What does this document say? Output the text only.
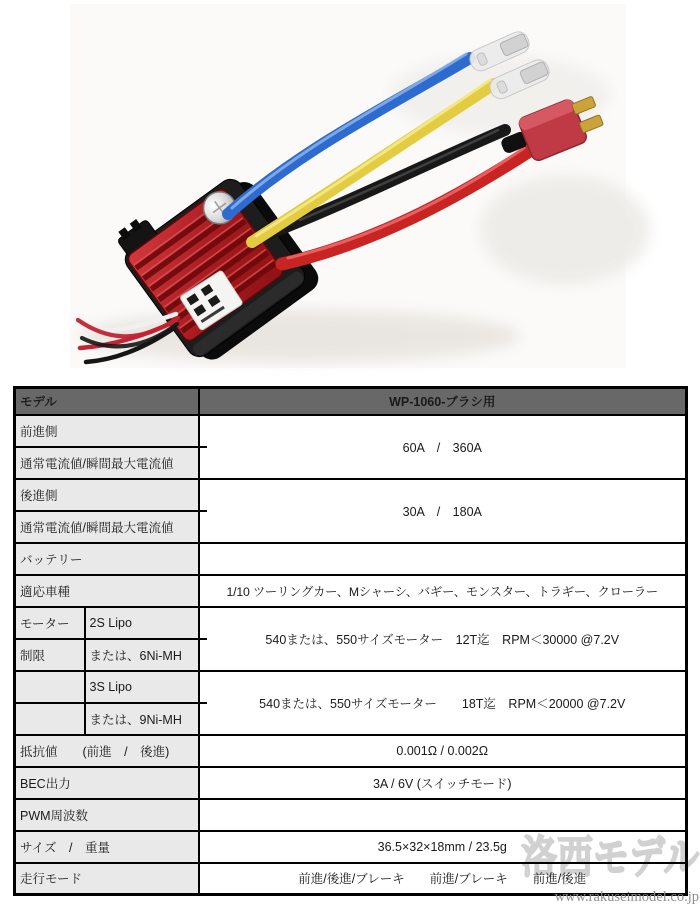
モデル		WP-1060-ブラシ用
前進側		60A　/　360A
通常電流値/瞬間最大電流値		
後進側		30A　/　180A
通常電流値/瞬間最大電流値		
バッテリー		
適応車種		1/10 ツーリングカー、Mシャーシ、バギー、モンスター、トラギー、クローラー
モーター	2S Lipo	540または、550サイズモーター　12T迄　RPM＜30000 @7.2V
制限	または、6Ni-MH	
	3S Lipo	540または、550サイズモーター　　18T迄　RPM＜20000 @7.2V
	または、9Ni-MH	
抵抗値　　(前進　/　後進)		0.001Ω / 0.002Ω
BEC出力		3A / 6V (スイッチモード)
PWM周波数		
サイズ　/　重量		36.5×32×18mm / 23.5g
走行モード		前進/後進/ブレーキ　　前進/ブレーキ　　前進/後進
www.rakuseimodel.co.jp
